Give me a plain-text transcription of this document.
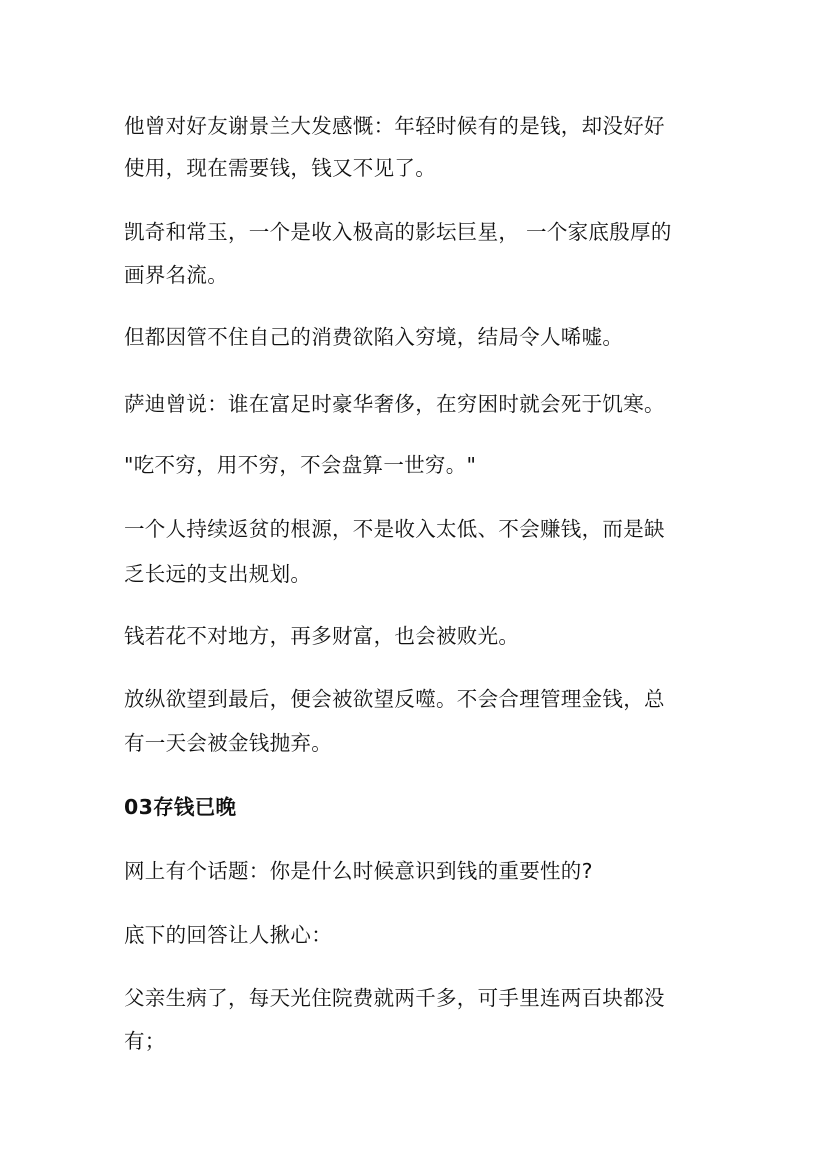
他曾对好友谢景兰大发感慨：年轻时候有的是钱，却没好好
使用，现在需要钱，钱又不见了。
凯奇和常玉，一个是收入极高的影坛巨星， 一个家底殷厚的
画界名流。
但都因管不住自己的消费欲陷入穷境，结局令人唏嘘。
萨迪曾说：谁在富足时豪华奢侈，在穷困时就会死于饥寒。
"吃不穷，用不穷，不会盘算一世穷。"
一个人持续返贫的根源，不是收入太低、不会赚钱，而是缺
乏长远的支出规划。
钱若花不对地方，再多财富，也会被败光。
放纵欲望到最后，便会被欲望反噬。不会合理管理金钱，总
有一天会被金钱抛弃。
03存钱已晚
网上有个话题：你是什么时候意识到钱的重要性的?
底下的回答让人揪心：
父亲生病了，每天光住院费就两千多，可手里连两百块都没
有；
